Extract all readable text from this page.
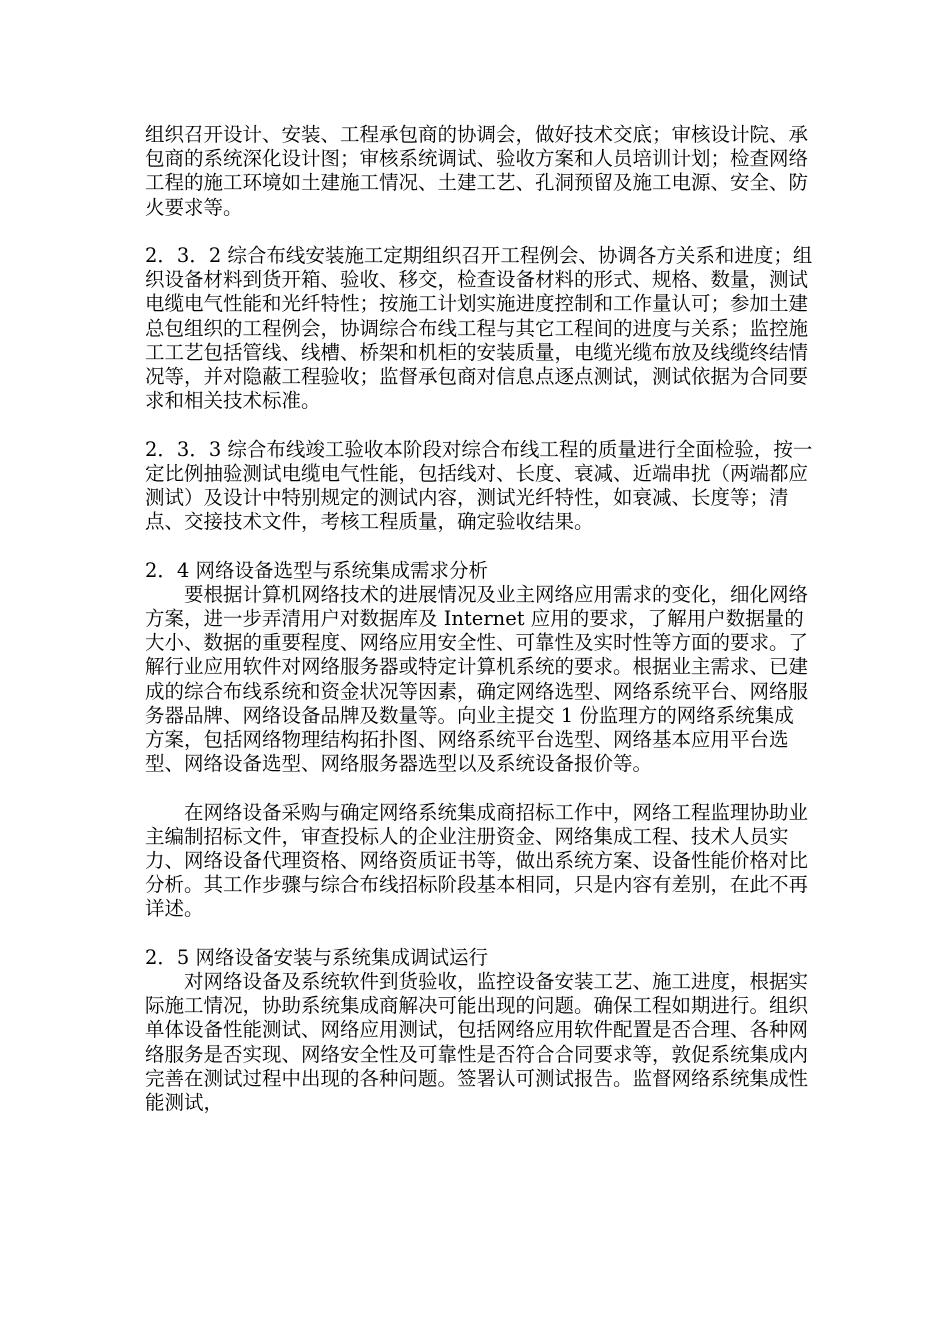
组织召开设计、安装、工程承包商的协调会，做好技术交底；审核设计院、承包商的系统深化设计图；审核系统调试、验收方案和人员培训计划；检查网络工程的施工环境如土建施工情况、土建工艺、孔洞预留及施工电源、安全、防火要求等。

2．3．2 综合布线安装施工定期组织召开工程例会、协调各方关系和进度；组织设备材料到货开箱、验收、移交，检查设备材料的形式、规格、数量，测试电缆电气性能和光纤特性；按施工计划实施进度控制和工作量认可；参加土建总包组织的工程例会，协调综合布线工程与其它工程间的进度与关系；监控施工工艺包括管线、线槽、桥架和机柜的安装质量，电缆光缆布放及线缆终结情况等，并对隐蔽工程验收；监督承包商对信息点逐点测试，测试依据为合同要求和相关技术标准。

2．3．3 综合布线竣工验收本阶段对综合布线工程的质量进行全面检验，按一定比例抽验测试电缆电气性能，包括线对、长度、衰减、近端串扰（两端都应测试）及设计中特别规定的测试内容，测试光纤特性，如衰减、长度等；清点、交接技术文件，考核工程质量，确定验收结果。

2．4 网络设备选型与系统集成需求分析

要根据计算机网络技术的进展情况及业主网络应用需求的变化，细化网络方案，进一步弄清用户对数据库及 Internet 应用的要求，了解用户数据量的大小、数据的重要程度、网络应用安全性、可靠性及实时性等方面的要求。了解行业应用软件对网络服务器或特定计算机系统的要求。根据业主需求、已建成的综合布线系统和资金状况等因素，确定网络选型、网络系统平台、网络服务器品牌、网络设备品牌及数量等。向业主提交 1 份监理方的网络系统集成方案，包括网络物理结构拓扑图、网络系统平台选型、网络基本应用平台选型、网络设备选型、网络服务器选型以及系统设备报价等。

在网络设备采购与确定网络系统集成商招标工作中，网络工程监理协助业主编制招标文件，审查投标人的企业注册资金、网络集成工程、技术人员实力、网络设备代理资格、网络资质证书等，做出系统方案、设备性能价格对比分析。其工作步骤与综合布线招标阶段基本相同，只是内容有差别，在此不再详述。

2．5 网络设备安装与系统集成调试运行

对网络设备及系统软件到货验收，监控设备安装工艺、施工进度，根据实际施工情况，协助系统集成商解决可能出现的问题。确保工程如期进行。组织单体设备性能测试、网络应用测试，包括网络应用软件配置是否合理、各种网络服务是否实现、网络安全性及可靠性是否符合合同要求等，敦促系统集成内完善在测试过程中出现的各种问题。签署认可测试报告。监督网络系统集成性能测试，
